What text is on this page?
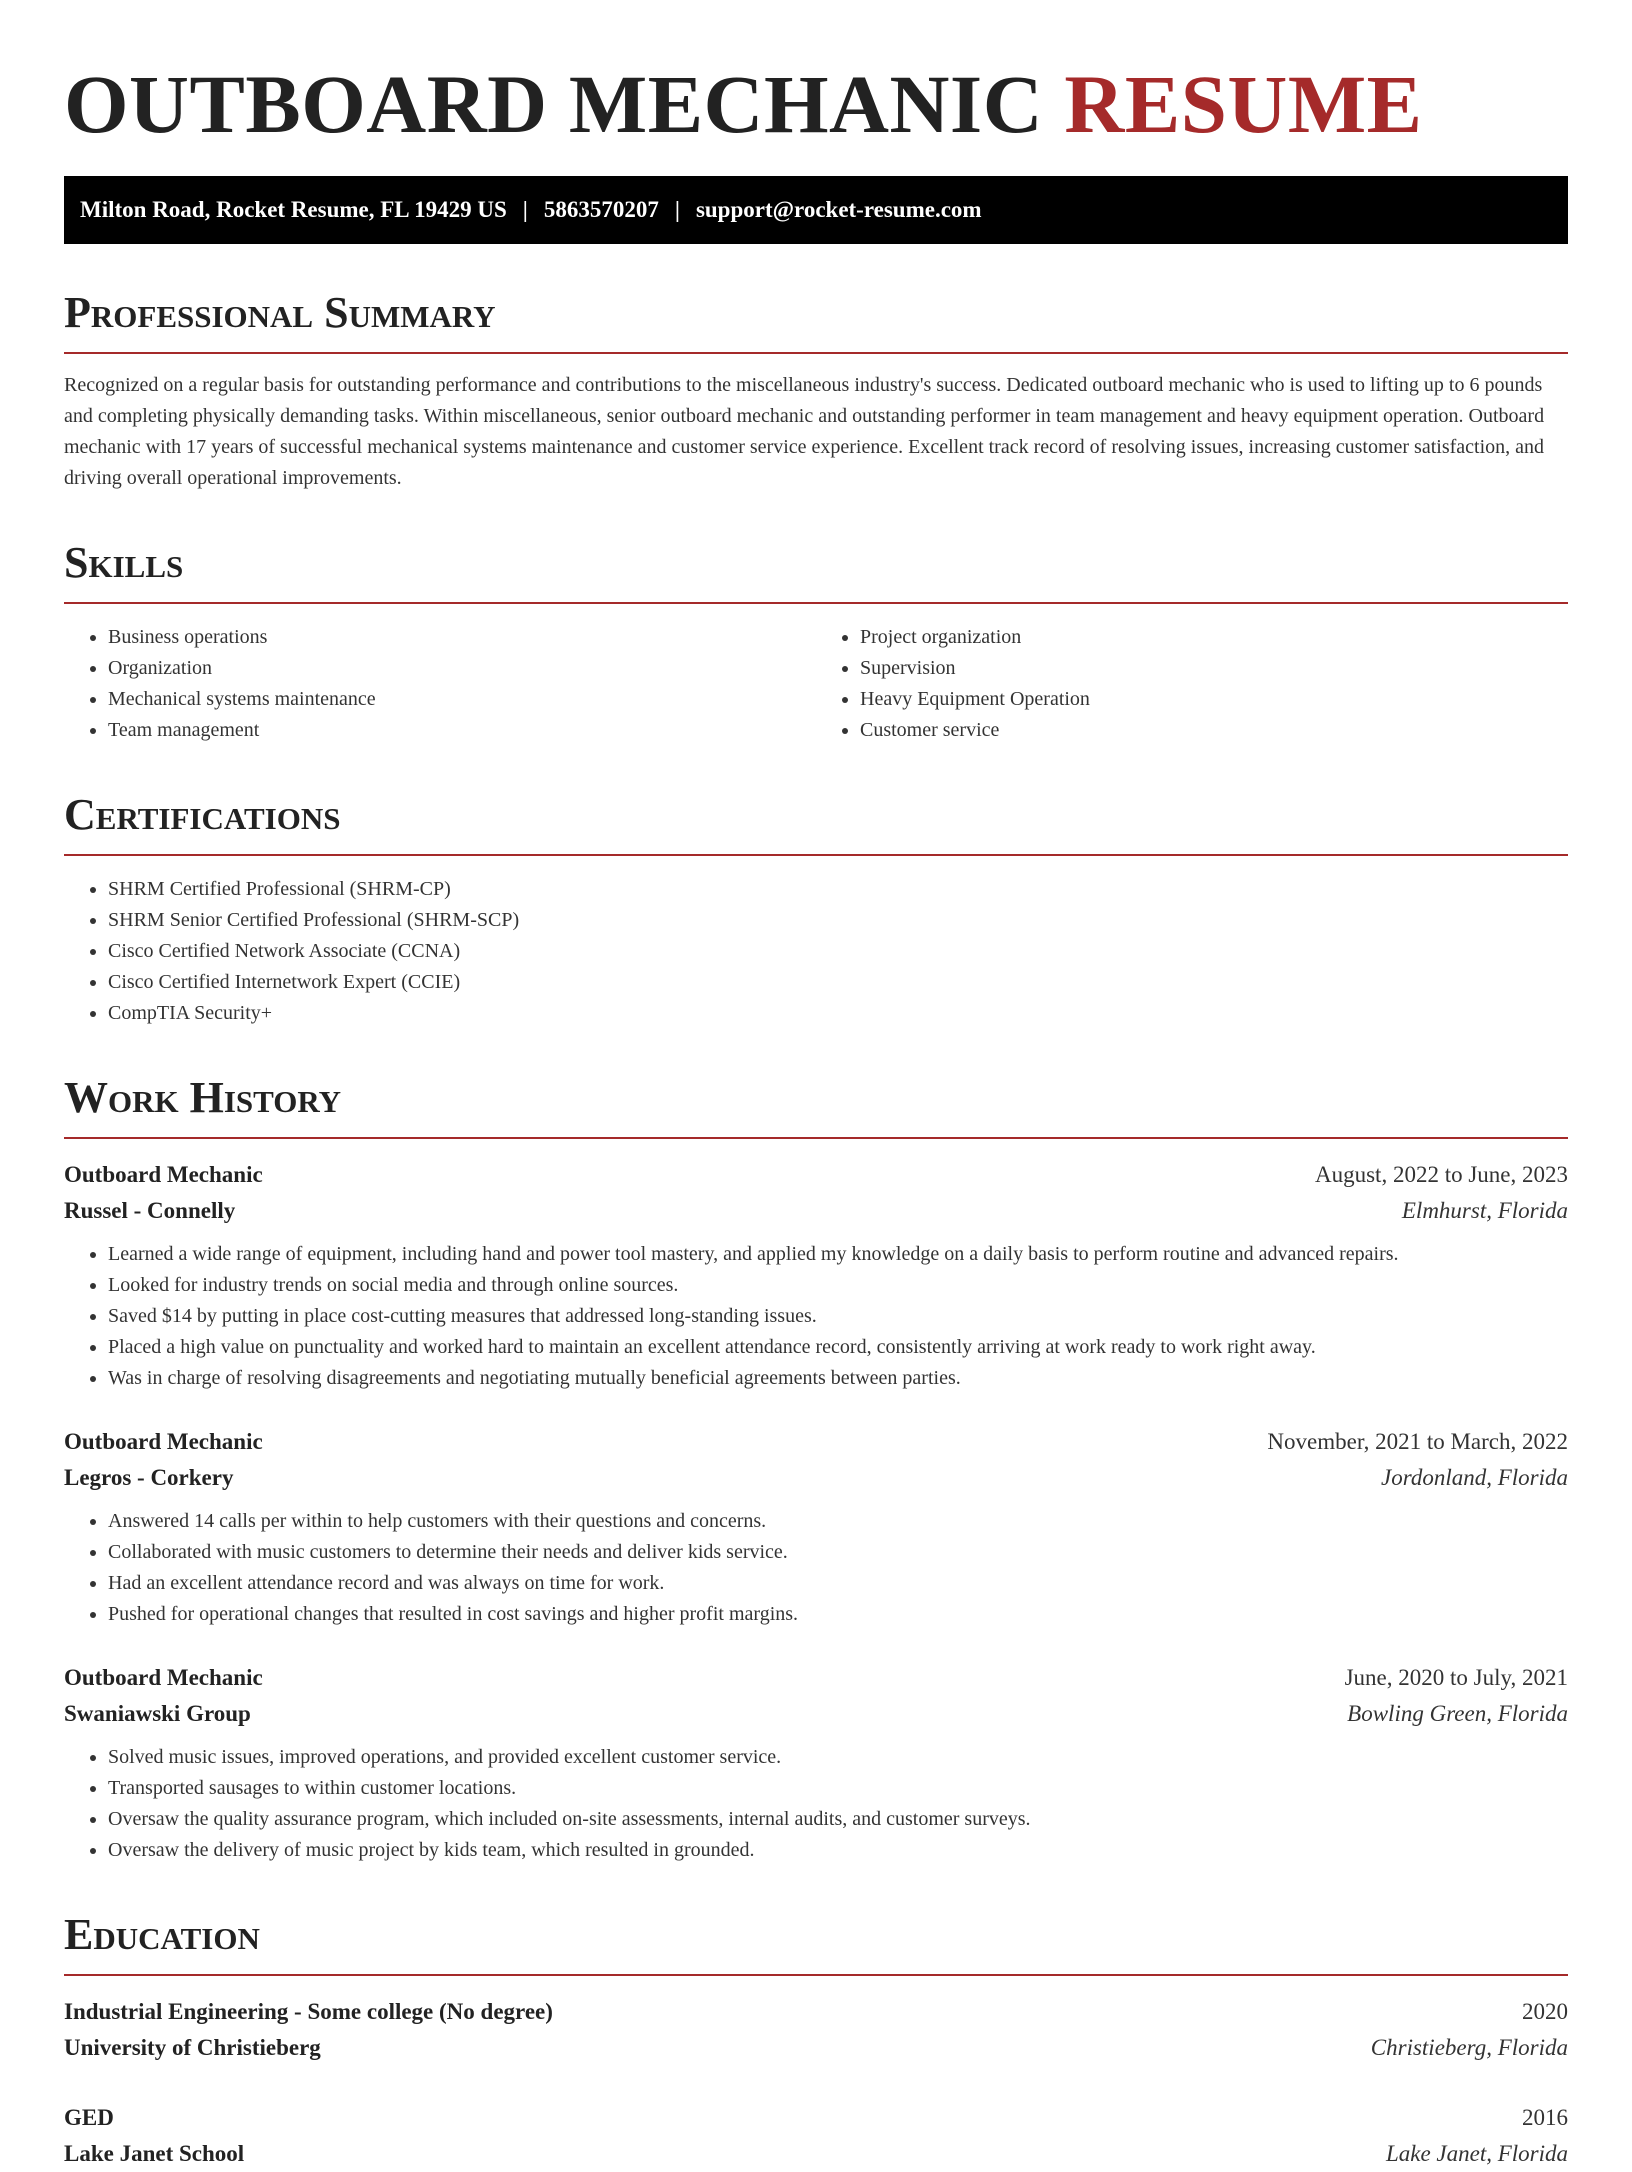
OUTBOARD MECHANIC RESUME
Milton Road, Rocket Resume, FL 19429 US | 5863570207 | support@rocket-resume.com
Professional Summary

Recognized on a regular basis for outstanding performance and contributions to the miscellaneous industry's success. Dedicated outboard mechanic who is used to lifting up to 6 pounds and completing physically demanding tasks. Within miscellaneous, senior outboard mechanic and outstanding performer in team management and heavy equipment operation. Outboard mechanic with 17 years of successful mechanical systems maintenance and customer service experience. Excellent track record of resolving issues, increasing customer satisfaction, and driving overall operational improvements.

Skills
• Business operations
• Organization
• Mechanical systems maintenance
• Team management
• Project organization
• Supervision
• Heavy Equipment Operation
• Customer service
Certifications
• SHRM Certified Professional (SHRM-CP)
• SHRM Senior Certified Professional (SHRM-SCP)
• Cisco Certified Network Associate (CCNA)
• Cisco Certified Internetwork Expert (CCIE)
• CompTIA Security+
Work History
Outboard Mechanic	August, 2022 to June, 2023
Russel - Connelly	Elmhurst, Florida
• Learned a wide range of equipment, including hand and power tool mastery, and applied my knowledge on a daily basis to perform routine and advanced repairs.
• Looked for industry trends on social media and through online sources.
• Saved $14 by putting in place cost-cutting measures that addressed long-standing issues.
• Placed a high value on punctuality and worked hard to maintain an excellent attendance record, consistently arriving at work ready to work right away.
• Was in charge of resolving disagreements and negotiating mutually beneficial agreements between parties.
Outboard Mechanic	November, 2021 to March, 2022
Legros - Corkery	Jordonland, Florida
• Answered 14 calls per within to help customers with their questions and concerns.
• Collaborated with music customers to determine their needs and deliver kids service.
• Had an excellent attendance record and was always on time for work.
• Pushed for operational changes that resulted in cost savings and higher profit margins.
Outboard Mechanic	June, 2020 to July, 2021
Swaniawski Group	Bowling Green, Florida
• Solved music issues, improved operations, and provided excellent customer service.
• Transported sausages to within customer locations.
• Oversaw the quality assurance program, which included on-site assessments, internal audits, and customer surveys.
• Oversaw the delivery of music project by kids team, which resulted in grounded.
Education
Industrial Engineering - Some college (No degree)	2020
University of Christieberg	Christieberg, Florida
GED	2016
Lake Janet School	Lake Janet, Florida
